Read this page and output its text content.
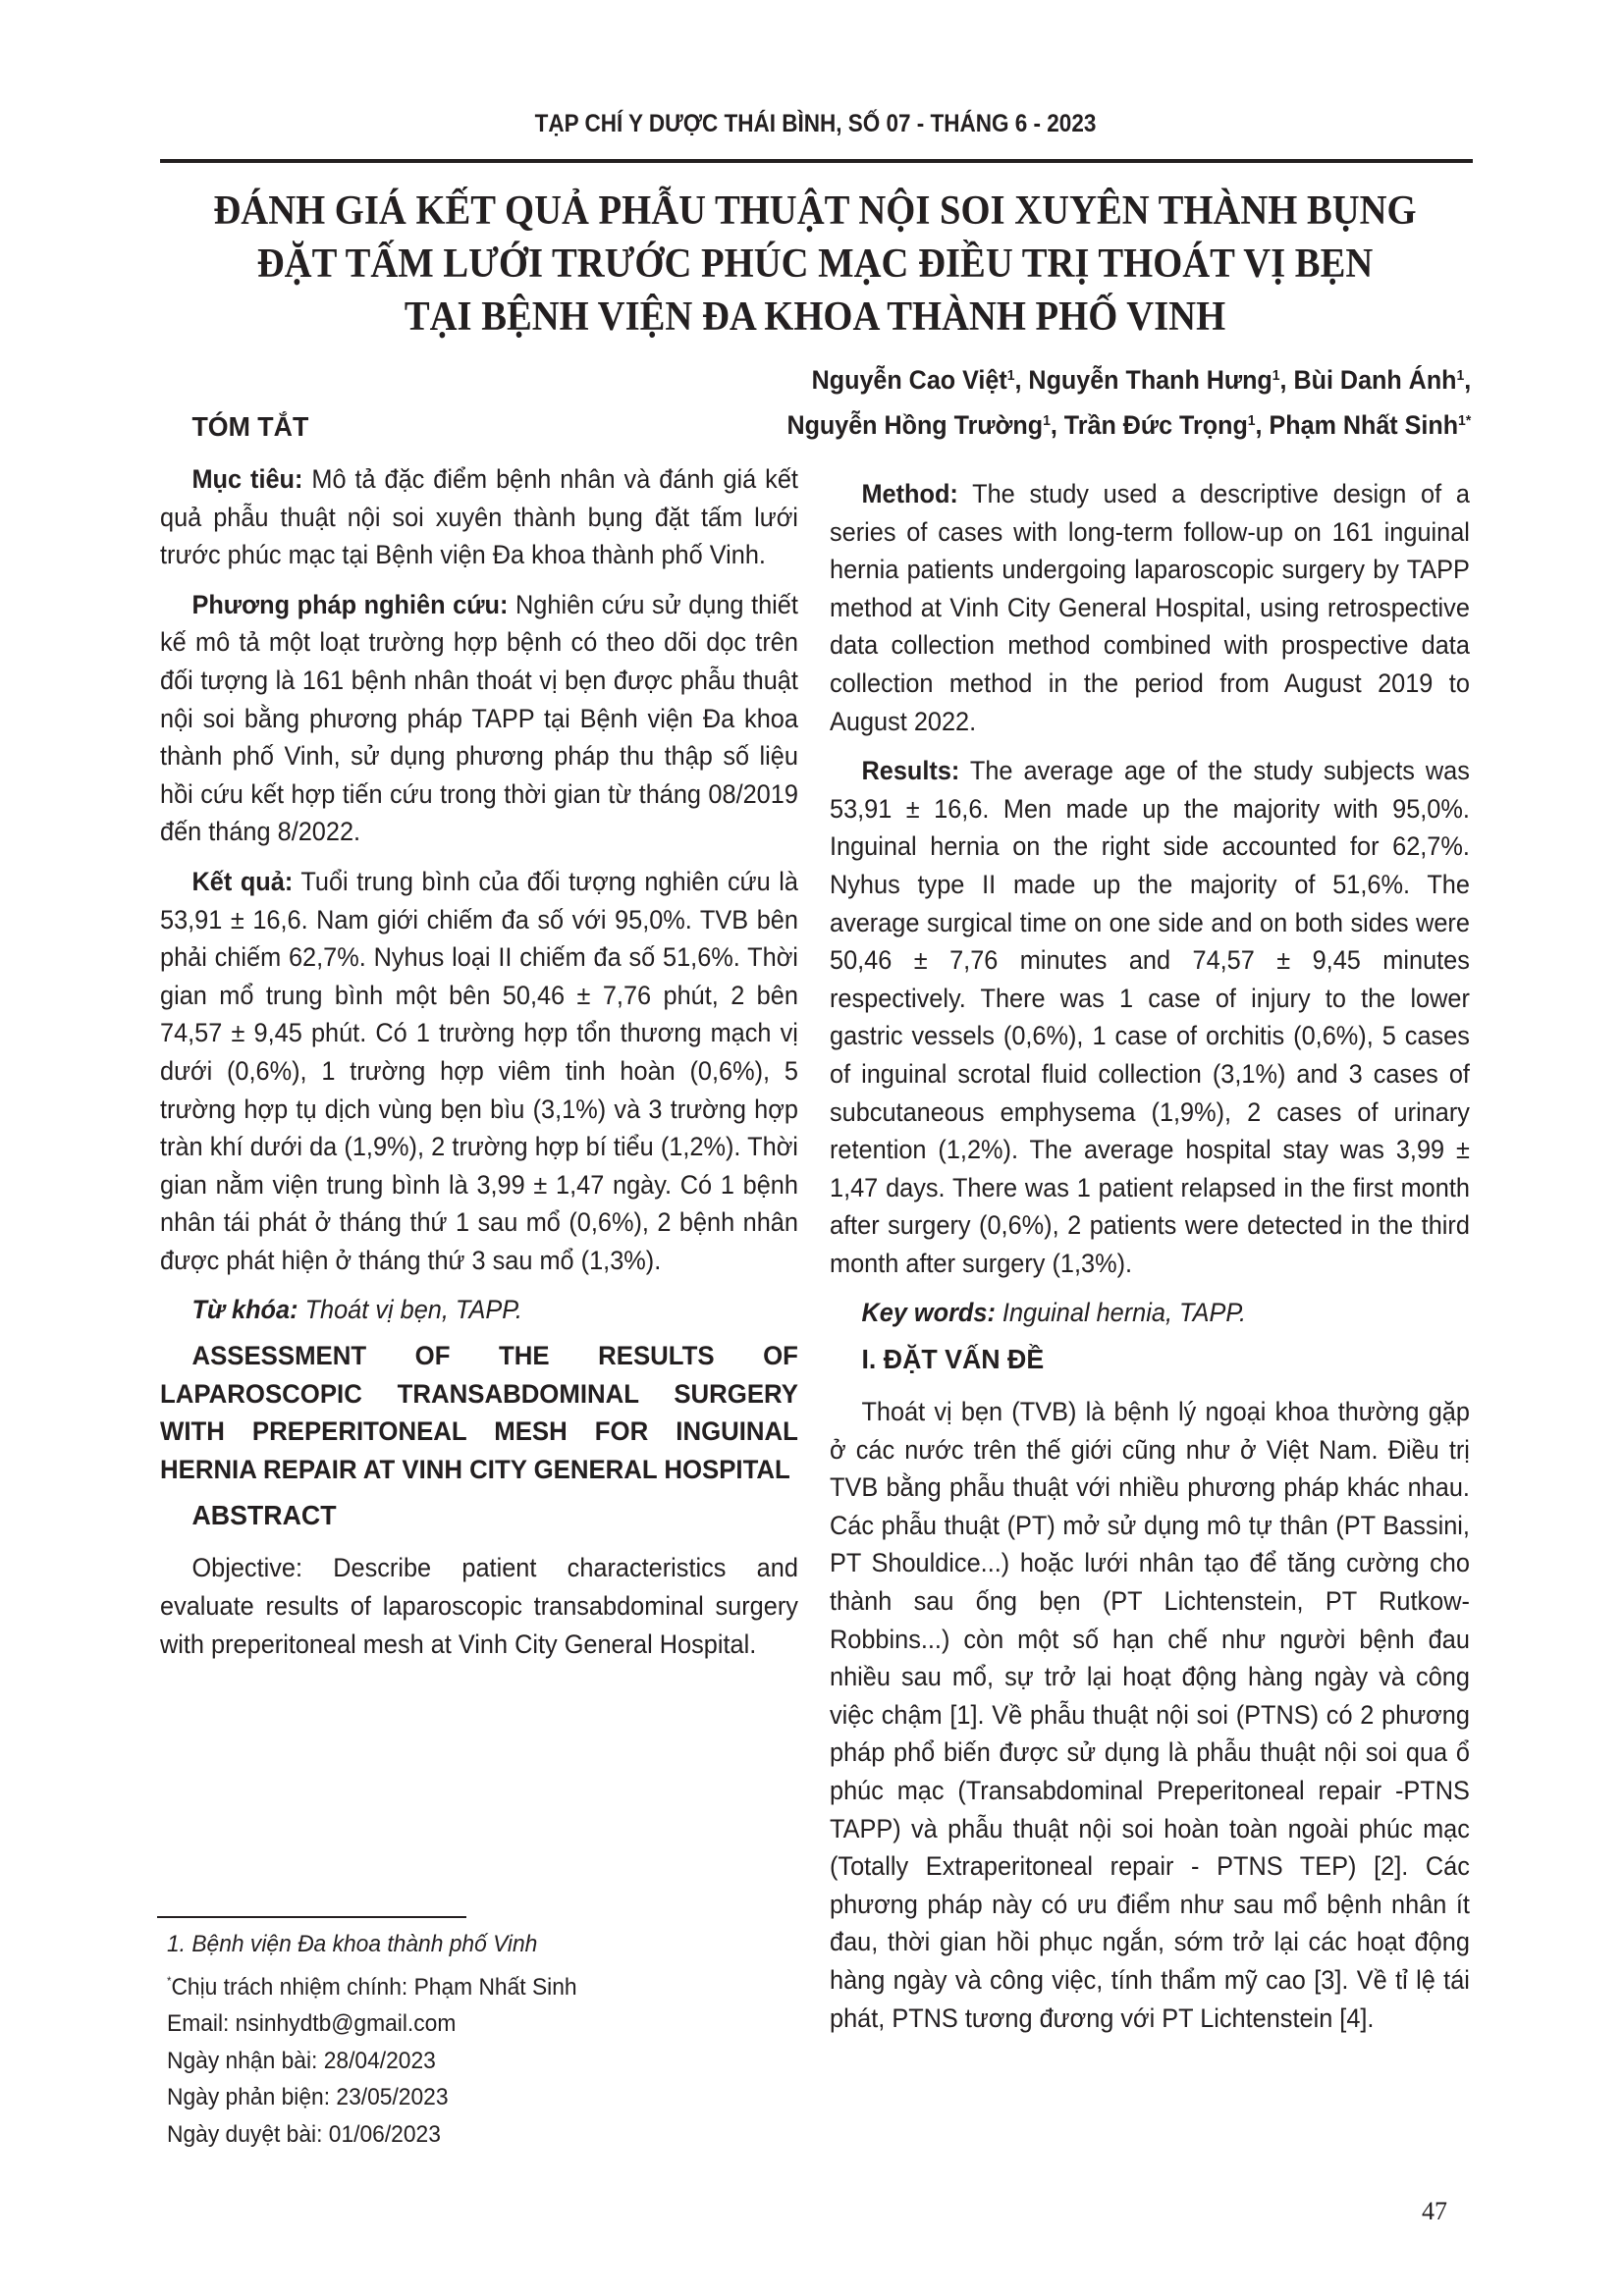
TẠP CHÍ Y DƯỢC THÁI BÌNH, SỐ 07 - THÁNG 6 - 2023
ĐÁNH GIÁ KẾT QUẢ PHẪU THUẬT NỘI SOI XUYÊN THÀNH BỤNG
ĐẶT TẤM LƯỚI TRƯỚC PHÚC MẠC ĐIỀU TRỊ THOÁT VỊ BẸN
TẠI BỆNH VIỆN ĐA KHOA THÀNH PHỐ VINH
Nguyễn Cao Việt$^1$, Nguyễn Thanh Hưng$^1$, Bùi Danh Ánh$^1$,
Nguyễn Hồng Trường$^1$, Trần Đức Trọng$^1$, Phạm Nhất Sinh$^{1*}$
TÓM TẮT

Mục tiêu: Mô tả đặc điểm bệnh nhân và đánh giá kết quả phẫu thuật nội soi xuyên thành bụng đặt tấm lưới trước phúc mạc tại Bệnh viện Đa khoa thành phố Vinh.

Phương pháp nghiên cứu: Nghiên cứu sử dụng thiết kế mô tả một loạt trường hợp bệnh có theo dõi dọc trên đối tượng là 161 bệnh nhân thoát vị bẹn được phẫu thuật nội soi bằng phương pháp TAPP tại Bệnh viện Đa khoa thành phố Vinh, sử dụng phương pháp thu thập số liệu hồi cứu kết hợp tiến cứu trong thời gian từ tháng 08/2019 đến tháng 8/2022.

Kết quả: Tuổi trung bình của đối tượng nghiên cứu là 53,91 ± 16,6. Nam giới chiếm đa số với 95,0%. TVB bên phải chiếm 62,7%. Nyhus loại II chiếm đa số 51,6%. Thời gian mổ trung bình một bên 50,46 ± 7,76 phút, 2 bên 74,57 ± 9,45 phút. Có 1 trường hợp tổn thương mạch vị dưới (0,6%), 1 trường hợp viêm tinh hoàn (0,6%), 5 trường hợp tụ dịch vùng bẹn bìu (3,1%) và 3 trường hợp tràn khí dưới da (1,9%), 2 trường hợp bí tiểu (1,2%). Thời gian nằm viện trung bình là 3,99 ± 1,47 ngày. Có 1 bệnh nhân tái phát ở tháng thứ 1 sau mổ (0,6%), 2 bệnh nhân được phát hiện ở tháng thứ 3 sau mổ (1,3%).

Từ khóa: Thoát vị bẹn, TAPP.

ASSESSMENT OF THE RESULTS OF LAPAROSCOPIC TRANSABDOMINAL SURGERY WITH PREPERITONEAL MESH FOR INGUINAL HERNIA REPAIR AT VINH CITY GENERAL HOSPITAL
ABSTRACT

Objective: Describe patient characteristics and evaluate results of laparoscopic transabdominal surgery with preperitoneal mesh at Vinh City General Hospital.

1. Bệnh viện Đa khoa thành phố Vinh
*Chịu trách nhiệm chính: Phạm Nhất Sinh
Email: nsinhydtb@gmail.com
Ngày nhận bài: 28/04/2023
Ngày phản biện: 23/05/2023
Ngày duyệt bài: 01/06/2023

Method: The study used a descriptive design of a series of cases with long-term follow-up on 161 inguinal hernia patients undergoing laparoscopic surgery by TAPP method at Vinh City General Hospital, using retrospective data collection method combined with prospective data collection method in the period from August 2019 to August 2022.

Results: The average age of the study subjects was 53,91 ± 16,6. Men made up the majority with 95,0%. Inguinal hernia on the right side accounted for 62,7%. Nyhus type II made up the majority of 51,6%. The average surgical time on one side and on both sides were 50,46 ± 7,76 minutes and 74,57 ± 9,45 minutes respectively. There was 1 case of injury to the lower gastric vessels (0,6%), 1 case of orchitis (0,6%), 5 cases of inguinal scrotal fluid collection (3,1%) and 3 cases of subcutaneous emphysema (1,9%), 2 cases of urinary retention (1,2%). The average hospital stay was 3,99 ± 1,47 days. There was 1 patient relapsed in the first month after surgery (0,6%), 2 patients were detected in the third month after surgery (1,3%).

Key words: Inguinal hernia, TAPP.

I. ĐẶT VẤN ĐỀ

Thoát vị bẹn (TVB) là bệnh lý ngoại khoa thường gặp ở các nước trên thế giới cũng như ở Việt Nam. Điều trị TVB bằng phẫu thuật với nhiều phương pháp khác nhau. Các phẫu thuật (PT) mở sử dụng mô tự thân (PT Bassini, PT Shouldice...) hoặc lưới nhân tạo để tăng cường cho thành sau ống bẹn (PT Lichtenstein, PT Rutkow- Robbins...) còn một số hạn chế như người bệnh đau nhiều sau mổ, sự trở lại hoạt động hàng ngày và công việc chậm [1]. Về phẫu thuật nội soi (PTNS) có 2 phương pháp phổ biến được sử dụng là phẫu thuật nội soi qua ổ phúc mạc (Transabdominal Preperitoneal repair -PTNS TAPP) và phẫu thuật nội soi hoàn toàn ngoài phúc mạc (Totally Extraperitoneal repair - PTNS TEP) [2]. Các phương pháp này có ưu điểm như sau mổ bệnh nhân ít đau, thời gian hồi phục ngắn, sớm trở lại các hoạt động hàng ngày và công việc, tính thẩm mỹ cao [3]. Về tỉ lệ tái phát, PTNS tương đương với PT Lichtenstein [4].

47
